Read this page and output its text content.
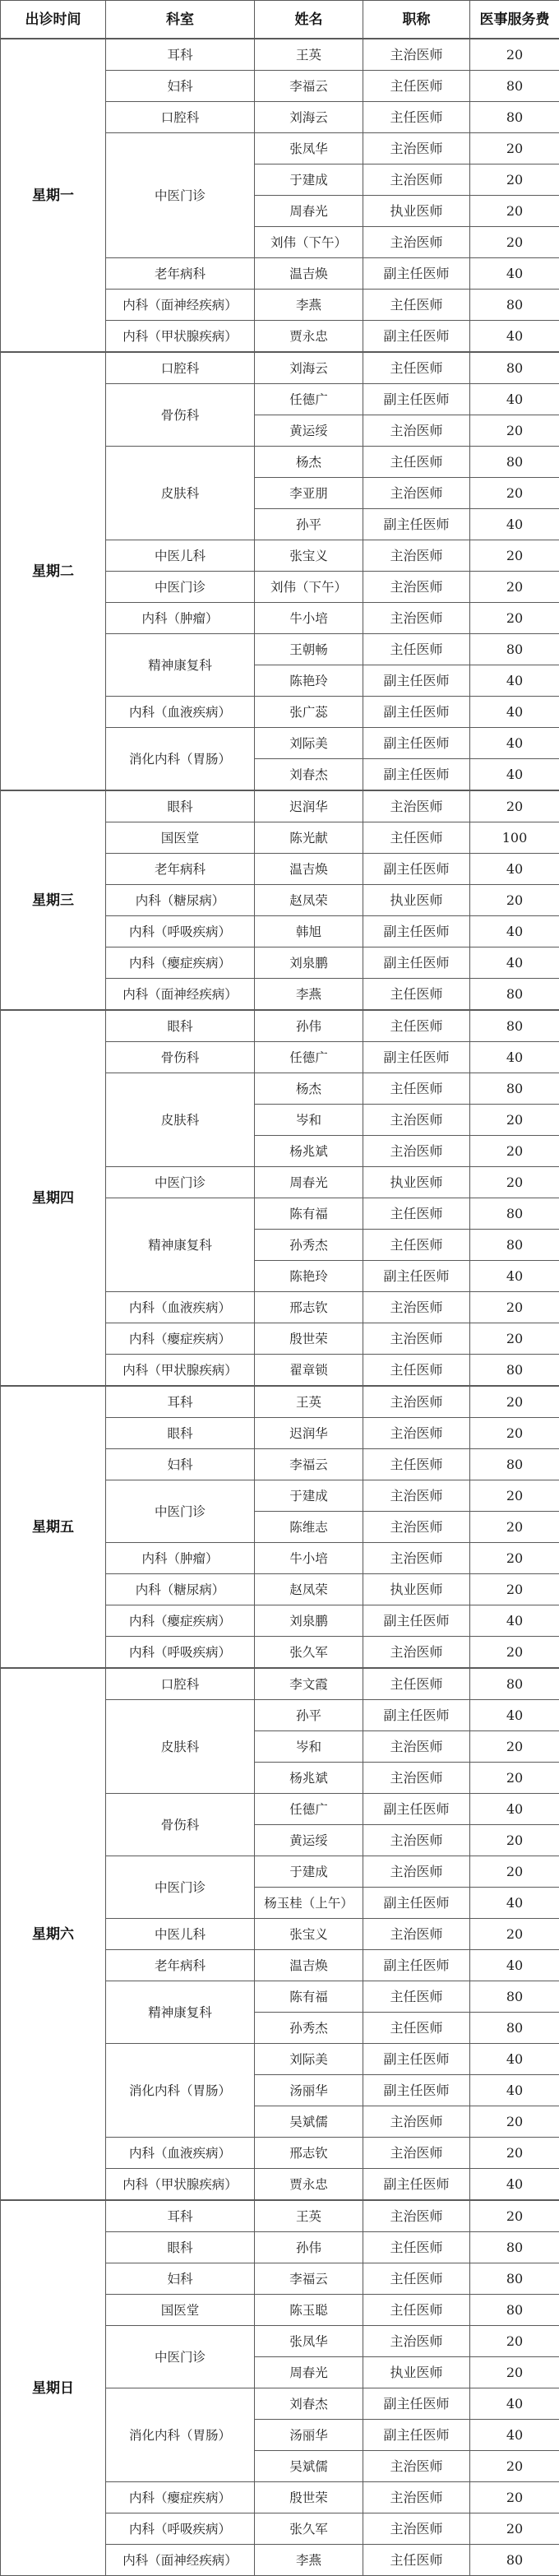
出诊时间	科室	姓名	职称	医事服务费
星期一	耳科	王英	主治医师	20
	妇科	李福云	主任医师	80
	口腔科	刘海云	主任医师	80
	中医门诊	张凤华	主治医师	20
		于建成	主治医师	20
		周春光	执业医师	20
		刘伟（下午）	主治医师	20
	老年病科	温吉焕	副主任医师	40
	内科（面神经疾病）	李燕	主任医师	80
	内科（甲状腺疾病）	贾永忠	副主任医师	40
星期二	口腔科	刘海云	主任医师	80
	骨伤科	任德广	副主任医师	40
		黄运绥	主治医师	20
	皮肤科	杨杰	主任医师	80
		李亚朋	主治医师	20
		孙平	副主任医师	40
	中医儿科	张宝义	主治医师	20
	中医门诊	刘伟（下午）	主治医师	20
	内科（肿瘤）	牛小培	主治医师	20
	精神康复科	王朝畅	主任医师	80
		陈艳玲	副主任医师	40
	内科（血液疾病）	张广蕊	副主任医师	40
	消化内科（胃肠）	刘际美	副主任医师	40
		刘春杰	副主任医师	40
星期三	眼科	迟润华	主治医师	20
	国医堂	陈光献	主任医师	100
	老年病科	温吉焕	副主任医师	40
	内科（糖尿病）	赵凤荣	执业医师	20
	内科（呼吸疾病）	韩旭	副主任医师	40
	内科（瘿症疾病）	刘泉鹏	副主任医师	40
	内科（面神经疾病）	李燕	主任医师	80
星期四	眼科	孙伟	主任医师	80
	骨伤科	任德广	副主任医师	40
	皮肤科	杨杰	主任医师	80
		岑和	主治医师	20
		杨兆斌	主治医师	20
	中医门诊	周春光	执业医师	20
	精神康复科	陈有福	主任医师	80
		孙秀杰	主任医师	80
		陈艳玲	副主任医师	40
	内科（血液疾病）	邢志钦	主治医师	20
	内科（瘿症疾病）	殷世荣	主治医师	20
	内科（甲状腺疾病）	翟章锁	主任医师	80
星期五	耳科	王英	主治医师	20
	眼科	迟润华	主治医师	20
	妇科	李福云	主任医师	80
	中医门诊	于建成	主治医师	20
		陈维志	主治医师	20
	内科（肿瘤）	牛小培	主治医师	20
	内科（糖尿病）	赵凤荣	执业医师	20
	内科（瘿症疾病）	刘泉鹏	副主任医师	40
	内科（呼吸疾病）	张久军	主治医师	20
星期六	口腔科	李文霞	主任医师	80
	皮肤科	孙平	副主任医师	40
		岑和	主治医师	20
		杨兆斌	主治医师	20
	骨伤科	任德广	副主任医师	40
		黄运绥	主治医师	20
	中医门诊	于建成	主治医师	20
		杨玉桂（上午）	副主任医师	40
	中医儿科	张宝义	主治医师	20
	老年病科	温吉焕	副主任医师	40
	精神康复科	陈有福	主任医师	80
		孙秀杰	主任医师	80
	消化内科（胃肠）	刘际美	副主任医师	40
		汤丽华	副主任医师	40
		吴斌儒	主治医师	20
	内科（血液疾病）	邢志钦	主治医师	20
	内科（甲状腺疾病）	贾永忠	副主任医师	40
星期日	耳科	王英	主治医师	20
	眼科	孙伟	主任医师	80
	妇科	李福云	主任医师	80
	国医堂	陈玉聪	主任医师	80
	中医门诊	张凤华	主治医师	20
		周春光	执业医师	20
	消化内科（胃肠）	刘春杰	副主任医师	40
		汤丽华	副主任医师	40
		吴斌儒	主治医师	20
	内科（瘿症疾病）	殷世荣	主治医师	20
	内科（呼吸疾病）	张久军	主治医师	20
	内科（面神经疾病）	李燕	主任医师	80
